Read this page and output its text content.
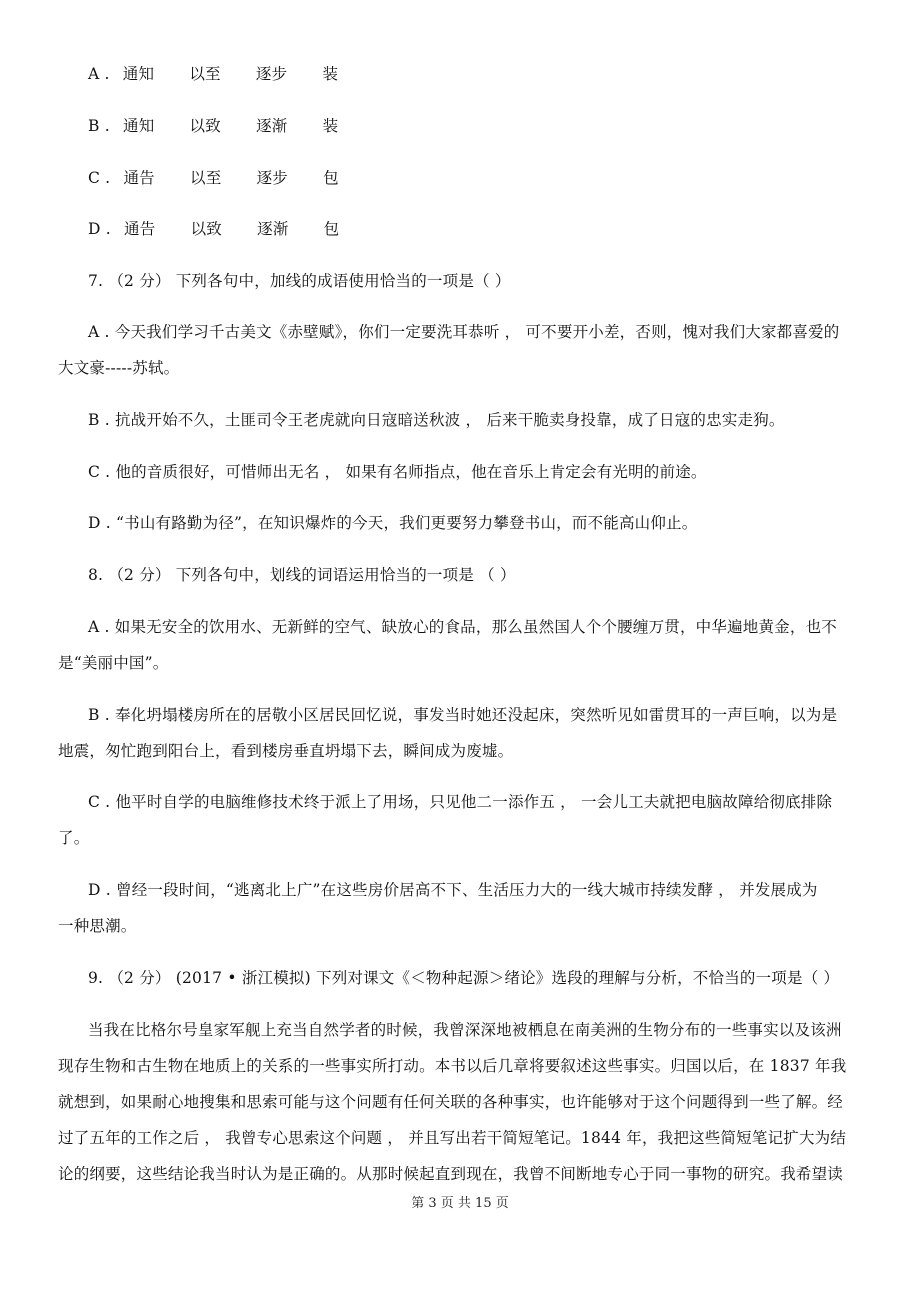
A . 通知 以至 逐步 装
B . 通知 以致 逐渐 装
C . 通告 以至 逐步 包
D . 通告 以致 逐渐 包
7. （2 分） 下列各句中，加线的成语使用恰当的一项是（ ）
A . 今天我们学习千古美文《赤壁赋》，你们一定要洗耳恭听 ， 可不要开小差，否则，愧对我们大家都喜爱的
大文豪-----苏轼。
B . 抗战开始不久，土匪司令王老虎就向日寇暗送秋波 ， 后来干脆卖身投靠，成了日寇的忠实走狗。
C . 他的音质很好，可惜师出无名 ， 如果有名师指点，他在音乐上肯定会有光明的前途。
D . “书山有路勤为径”，在知识爆炸的今天，我们更要努力攀登书山，而不能高山仰止。
8. （2 分） 下列各句中，划线的词语运用恰当的一项是 （ ）
A . 如果无安全的饮用水、无新鲜的空气、缺放心的食品，那么虽然国人个个腰缠万贯，中华遍地黄金，也不
是“美丽中国”。
B . 奉化坍塌楼房所在的居敬小区居民回忆说，事发当时她还没起床，突然听见如雷贯耳的一声巨响，以为是
地震，匆忙跑到阳台上，看到楼房垂直坍塌下去，瞬间成为废墟。
C . 他平时自学的电脑维修技术终于派上了用场，只见他二一添作五 ， 一会儿工夫就把电脑故障给彻底排除
了。
D . 曾经一段时间，“逃离北上广”在这些房价居高不下、生活压力大的一线大城市持续发酵 ， 并发展成为
一种思潮。
9. （2 分） (2017 • 浙江模拟) 下列对课文《＜物种起源＞绪论》选段的理解与分析，不恰当的一项是（ ）
当我在比格尔号皇家军舰上充当自然学者的时候，我曾深深地被栖息在南美洲的生物分布的一些事实以及该洲
现存生物和古生物在地质上的关系的一些事实所打动。本书以后几章将要叙述这些事实。归国以后，在 1837 年我
就想到，如果耐心地搜集和思索可能与这个问题有任何关联的各种事实，也许能够对于这个问题得到一些了解。经
过了五年的工作之后 ， 我曾专心思索这个问题 ， 并且写出若干简短笔记。1844 年，我把这些简短笔记扩大为结
论的纲要，这些结论我当时认为是正确的。从那时候起直到现在，我曾不间断地专心于同一事物的研究。我希望读
第 3 页 共 15 页
